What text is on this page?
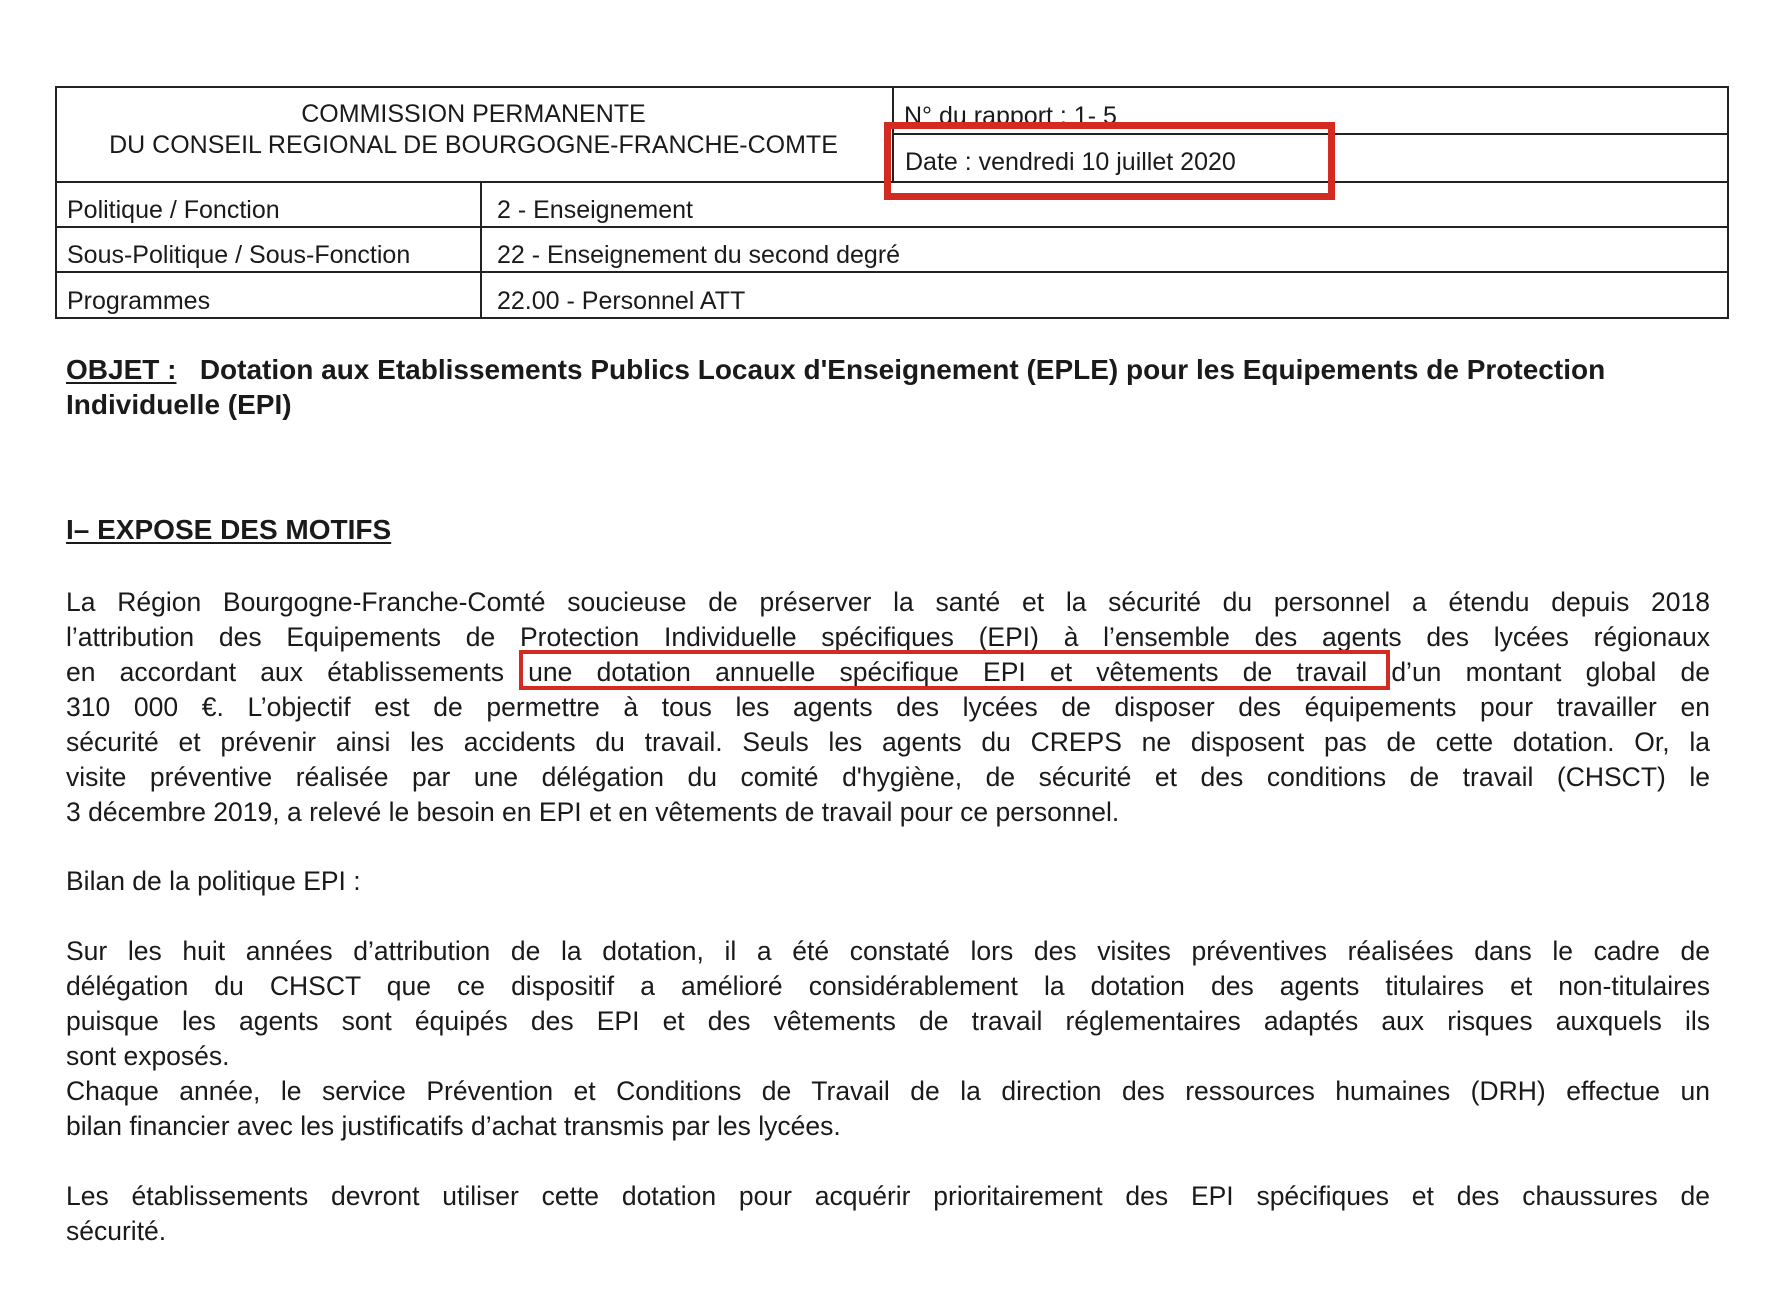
COMMISSION PERMANENTE
DU CONSEIL REGIONAL DE BOURGOGNE-FRANCHE-COMTE
N° du rapport : 1- 5
Date : vendredi 10 juillet 2020
Politique / Fonction	2 - Enseignement
Sous-Politique / Sous-Fonction	22 - Enseignement du second degré
Programmes	22.00 - Personnel ATT
OBJET : Dotation aux Etablissements Publics Locaux d'Enseignement (EPLE) pour les Equipements de Protection Individuelle (EPI)
I– EXPOSE DES MOTIFS
La Région Bourgogne-Franche-Comté soucieuse de préserver la santé et la sécurité du personnel a étendu depuis 2018
l’attribution des Equipements de Protection Individuelle spécifiques (EPI) à l’ensemble des agents des lycées régionaux
en accordant aux établissements une dotation annuelle spécifique EPI et vêtements de travail d’un montant global de
310 000 €. L’objectif est de permettre à tous les agents des lycées de disposer des équipements pour travailler en
sécurité et prévenir ainsi les accidents du travail. Seuls les agents du CREPS ne disposent pas de cette dotation. Or, la
visite préventive réalisée par une délégation du comité d'hygiène, de sécurité et des conditions de travail (CHSCT) le
3 décembre 2019, a relevé le besoin en EPI et en vêtements de travail pour ce personnel.
Bilan de la politique EPI :
Sur les huit années d’attribution de la dotation, il a été constaté lors des visites préventives réalisées dans le cadre de
délégation du CHSCT que ce dispositif a amélioré considérablement la dotation des agents titulaires et non-titulaires
puisque les agents sont équipés des EPI et des vêtements de travail réglementaires adaptés aux risques auxquels ils
sont exposés.
Chaque année, le service Prévention et Conditions de Travail de la direction des ressources humaines (DRH) effectue un
bilan financier avec les justificatifs d’achat transmis par les lycées.
Les établissements devront utiliser cette dotation pour acquérir prioritairement des EPI spécifiques et des chaussures de
sécurité.
